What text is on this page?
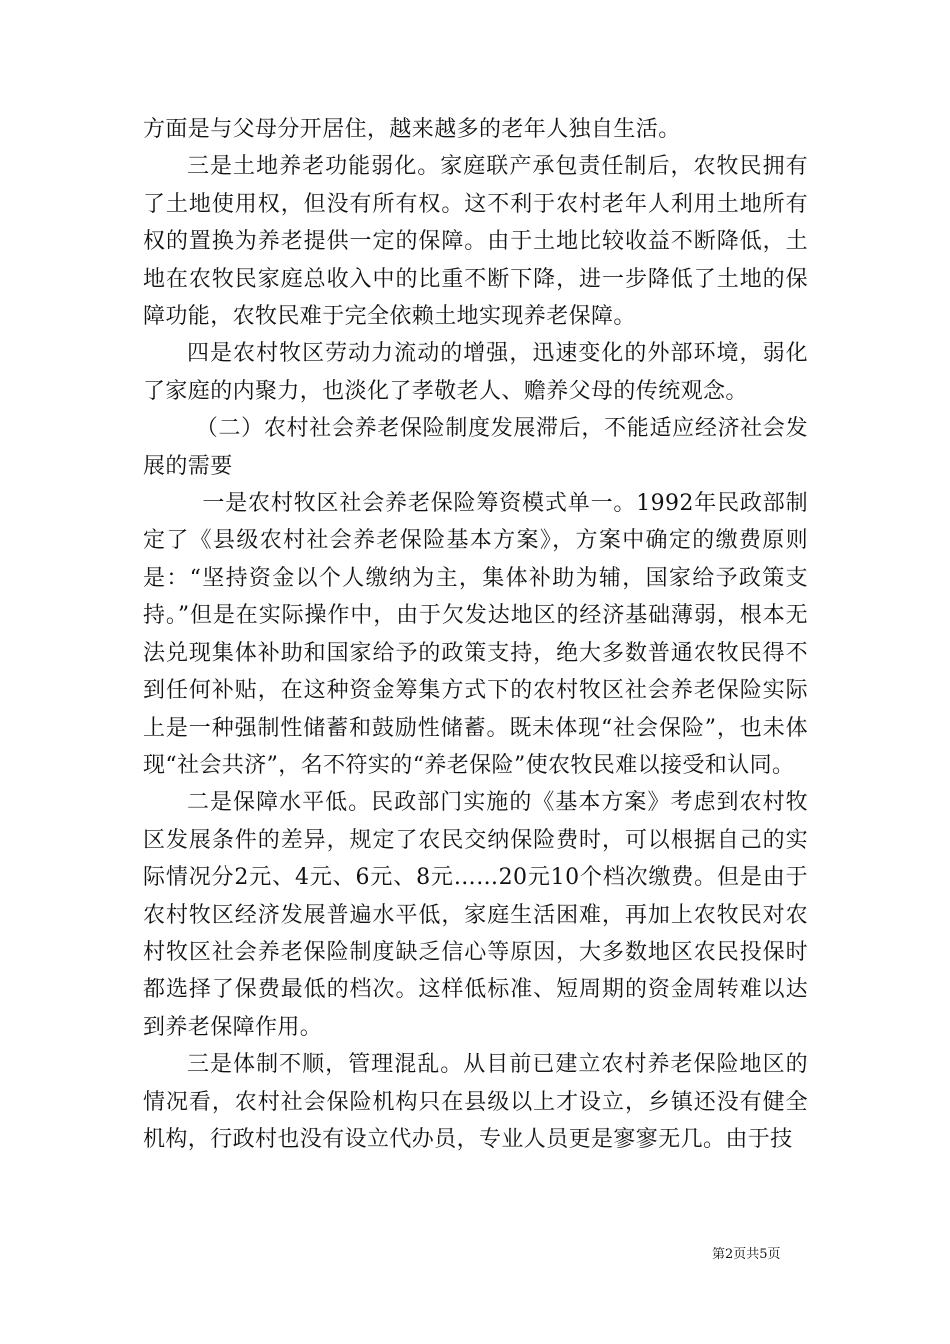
方面是与父母分开居住，越来越多的老年人独自生活。

三是土地养老功能弱化。家庭联产承包责任制后，农牧民拥有了土地使用权，但没有所有权。这不利于农村老年人利用土地所有权的置换为养老提供一定的保障。由于土地比较收益不断降低，土地在农牧民家庭总收入中的比重不断下降，进一步降低了土地的保障功能，农牧民难于完全依赖土地实现养老保障。

四是农村牧区劳动力流动的增强，迅速变化的外部环境，弱化了家庭的内聚力，也淡化了孝敬老人、赡养父母的传统观念。

（二）农村社会养老保险制度发展滞后，不能适应经济社会发展的需要

一是农村牧区社会养老保险筹资模式单一。1992年民政部制定了《县级农村社会养老保险基本方案》，方案中确定的缴费原则是：“坚持资金以个人缴纳为主，集体补助为辅，国家给予政策支持。”但是在实际操作中，由于欠发达地区的经济基础薄弱，根本无法兑现集体补助和国家给予的政策支持，绝大多数普通农牧民得不到任何补贴，在这种资金筹集方式下的农村牧区社会养老保险实际上是一种强制性储蓄和鼓励性储蓄。既未体现“社会保险”，也未体现“社会共济”，名不符实的“养老保险”使农牧民难以接受和认同。

二是保障水平低。民政部门实施的《基本方案》考虑到农村牧区发展条件的差异，规定了农民交纳保险费时，可以根据自己的实际情况分2元、4元、6元、8元……20元10个档次缴费。但是由于农村牧区经济发展普遍水平低，家庭生活困难，再加上农牧民对农村牧区社会养老保险制度缺乏信心等原因，大多数地区农民投保时都选择了保费最低的档次。这样低标准、短周期的资金周转难以达到养老保障作用。

三是体制不顺，管理混乱。从目前已建立农村养老保险地区的情况看，农村社会保险机构只在县级以上才设立，乡镇还没有健全机构，行政村也没有设立代办员，专业人员更是寥寥无几。由于技

第2页共5页
